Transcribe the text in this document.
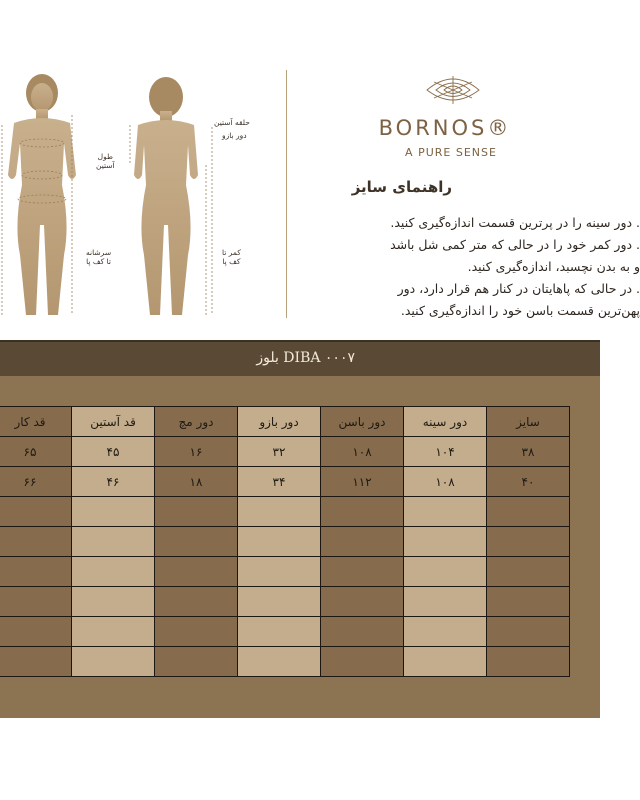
حلقه آستین
دور بازو
طول
آستین
سرشانه
تا کف پا
کمر تا
کف پا
BORNOS®
A PURE SENSE
راهنمای سایز
. دور سینه را در پرترین قسمت اندازه‌گیری کنید.
. دور کمر خود را در حالی که متر کمی شل باشد
و به بدن نچسبد، اندازه‌گیری کنید.
. در حالی که پاهایتان در کنار هم قرار دارد، دور
پهن‌ترین قسمت باسن خود را اندازه‌گیری کنید.
بلوز DIBA ۰۰۰۷
قد کار	قد آستین	دور مچ	دور بازو	دور باسن	دور سینه	سایز
۶۵	۴۵	۱۶	۳۲	۱۰۸	۱۰۴	۳۸
۶۶	۴۶	۱۸	۳۴	۱۱۲	۱۰۸	۴۰
